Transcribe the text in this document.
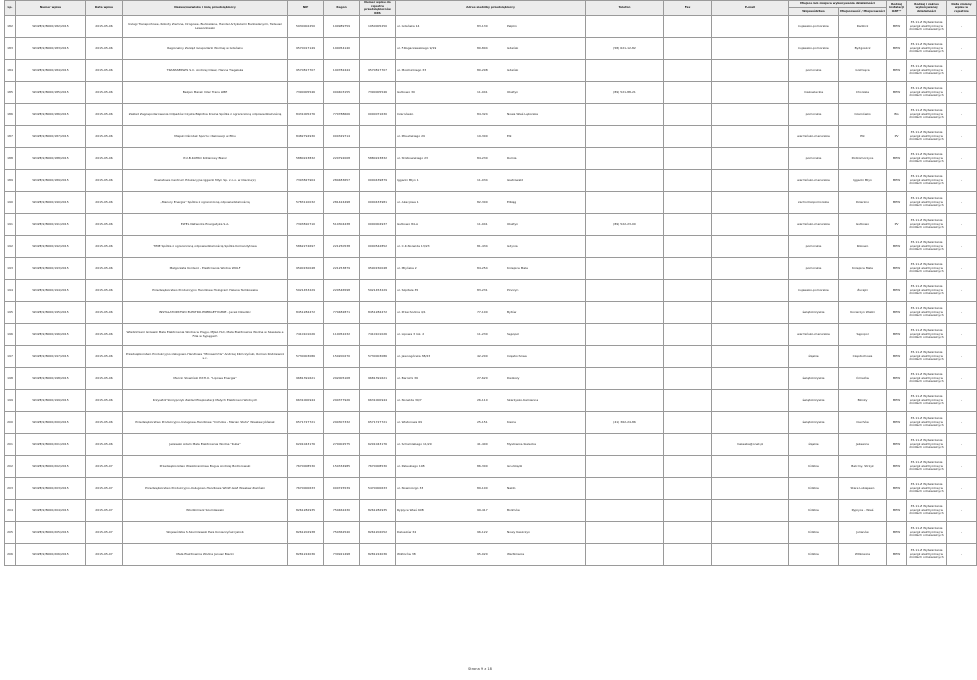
Lp.	Numer wpisu	Data wpisu	Nazwa/nazwisko i imię przedsiębiorcy	NIP	Regon	Numer wpisu do rejestru przedsiębiorców KRS	Adres siedziby przedsiębiorcy	Telefon	Fax	E-mail	Miejsce lub miejsca wykonywania działalności		Rodzaj instalacji OZE**	Rodzaj i zakres wykonywanej działalności	Data zmiany wpisu w rejestrze
											Województwo	Miejscowość / Miejscowości			
182	WOZE/2/8000/182/2015	2015-05-06	Usługi Transportowe, Roboty Ziemne, Drogowe, Budowlane, Handel Artykułami Budowlanymi, Tadeusz Lewandowski	5930002250	190989759	1950005250	ul. Gdańska 14 83-130 Pelplin				kujawsko-pomorskie	Radzicz	MEW	35.11.Z Wytwarzanie energii elektrycznej w źródłach odnawialnych	-
183	WOZE/2/8000/183/2015	2015-05-06	Regionalny Zarząd Gospodarki Wodnej w Gdańsku	9570017149	190054140		ul. F.Rogaczewskiego 9/19 80-804 Gdańsk	(58) 621-12-82			kujawsko-pomorskie	Bydgoszcz	MEW	35.11.Z Wytwarzanie energii elektrycznej w źródłach odnawialnych	-
184	WOZE/2/8000/184/2015	2015-05-06	TRANSSERWIS S.C. Andrzej Olesz, Hanna Tiegelska	9570817707	190782444	9570817707	ul. Mostnickiego 33 80-298 Gdańsk				pomorskie	Grzmiąca	MEW	35.11.Z Wytwarzanie energii elektrycznej w źródłach odnawialnych	-
185	WOZE/2/8000/185/2015	2015-05-06	Bezjan Marek Inter Trans LIBE	7390005546	000403155	7390005546	Gutkowo 30 11-041 Olsztyn	(89) 521-88-21			mazowieckie	Chorzele	MEW	35.11.Z Wytwarzanie energii elektrycznej w źródłach odnawialnych	-
186	WOZE/2/8000/186/2015	2015-05-06	Zakład Zagospodarowania Odpadów Czysta Błękitna Kraina Spółka z ograniczoną odpowiedzialnością	8431005276	770788606	0000071630	Czarnówko 84-324 Nowa Wieś Lęborska				pomorskie	Czarnówko	BG	35.11.Z Wytwarzanie energii elektrycznej w źródłach odnawialnych	-
187	WOZE/2/8000/187/2015	2015-05-06	Miejski Ośrodek Sportu i Rekreacji w Ełku	8482794930	000329714		ul. Piłsudskiego 29 19-300 Ełk				warmińsko-mazurskie	Ełk	PV	35.11.Z Wytwarzanie energii elektrycznej w źródłach odnawialnych	-
188	WOZE/2/8000/188/2015	2015-05-06	P.U.B.KATRO Kotlarowy Blanz	5880223832	220792008	5880223832	ul. Strzkowskiego 23 84-230 Rumia				pomorskie	Podkomorzyce	MEW	35.11.Z Wytwarzanie energii elektrycznej w źródłach odnawialnych	-
189	WOZE/2/8000/189/2015	2015-05-06	Powiatowe Centrum Edukacyjne Iggacki Młyn Sp. z o.o. w Olecku(x)	7393827904	280483657	0000439879	Iggacki Młyn 1 11-034 Gietrzwałd				warmińsko-mazurskie	Iggacki Młyn	MEW	35.11.Z Wytwarzanie energii elektrycznej w źródłach odnawialnych	-
190	WOZE/2/8000/190/2015	2015-05-06	„Mazury Energia” Spółka z ograniczoną odpowiedzialnością	5783110032	281424498	0000433981	ul. Akacjowa 1 82-300 Elbląg				zachodniopomorskie	Dzierzno	MEW	35.11.Z Wytwarzanie energii elektrycznej w źródłach odnawialnych	-
191	WOZE/2/8000/191/2015	2015-05-06	ELTEL Networks Energetyka S.A.	7393810710	510304438	0000004937	Gutkowo 84-A 11-041 Olsztyn	(89) 522-23-00			warmińsko-mazurskie	Gutkowo	PV	35.11.Z Wytwarzanie energii elektrycznej w źródłach odnawialnych	-
192	WOZE/2/8000/192/2015	2015-05-06	TIME Spółka z ograniczoną odpowiedzialnością Spółka Komandytowa	5862274697	221250538	0000542852	ul. C.K.Norwida 13/23 81-434 Gdynia				pomorskie	Rokowo	MEW	35.11.Z Wytwarzanie energii elektrycznej w źródłach odnawialnych	-
193	WOZE/2/8000/193/2015	2015-05-06	Małgorzata Kordecz - Elektrownia Wodna WOLF	9590150048	221253879	9590150048	ul. Młyńska 2 84-254 Krzepice Małe				pomorskie	Krzepice Małe	MEW	35.11.Z Wytwarzanie energii elektrycznej w źródłach odnawialnych	-
194	WOZE/2/8000/194/2015	2015-05-06	Przedsiębiorstwo Produkcyjno Handlowe Hologram Helena Terlikowska	5921453229	220546598	5921453229	ul. Szpitale 35 83-231 Pinczyn				kujawsko-pomorskie	Żurajki	MEW	35.11.Z Wytwarzanie energii elektrycznej w źródłach odnawialnych	-
195	WOZE/2/8000/195/2015	2015-05-06	INSTALATORSTWO ELEKTRO-ENERGETYCZNE - Jacek Dziedzic	8451284472	770482871	8451284472	ul. Przechodnia 4/1 77-100 Bytów				świętokrzyskie	Kocierzyn Wielki	MEW	35.11.Z Wytwarzanie energii elektrycznej w źródłach odnawialnych	-
196	WOZE/2/8000/196/2015	2015-05-06	Władzimierz Grzewik Mała Elektrownia Wodna w Pręgu, MJGA Hut, Mała Elektrownia Wodna w Szeszele e Filia w Sypęgach	7410101026	110052232	7410101026	ul. Lipowa 3 lok. 2 11-230 Sępopol				warmińsko-mazurskie	Sępopol	MEW	35.11.Z Wytwarzanie energii elektrycznej w źródłach odnawialnych	-
197	WOZE/2/8000/197/2015	2015-05-06	Przedsiębiorstwo Produkcyjno-Usługowo-Handlowe "Mirosemrtis" Andrzej Klimczyński, Roman Rodziewicz s.c.	5730003086	150200270	5730003086	ul. Jawnogórska 38/23 42-200 Częstochowa				śląskie	Częstochowa	MEW	35.11.Z Wytwarzanie energii elektrycznej w źródłach odnawialnych	-
198	WOZE/2/8000/198/2015	2015-05-06	Marcin Słowiński P.P.H.U. "Lipowa Energia"	9681391621	292005108	9681391621	ul. Barnimi 36 27-620 Dwikozy				świętokrzyskie	Ćmielów	MEW	35.11.Z Wytwarzanie energii elektrycznej w źródłach odnawialnych	-
199	WOZE/2/8000/199/2015	2015-05-06	Krzysztof Skrzypczyk Zakład Eksploatacji Małych Elektrowni Wodnych	6631000944	290377926	6631000944	ul. Norwida 30/7 26-110 Skarżysko-Kamienna				świętokrzyskie	Bzinky	MEW	35.11.Z Wytwarzanie energii elektrycznej w źródłach odnawialnych	-
200	WOZE/2/8000/200/2015	2015-05-06	Przedsiębiorstwo Produkcyjno-Usługowe-Handlowe "Cichoba - Marian Stuts" Wiesław Jóźwiak	6571727721	290307332	6571727721	ul. Wistorowa 69 25-151 Kielce	(41) 362-24-86			świętokrzyskie	Ciechów	MEW	35.11.Z Wytwarzanie energii elektrycznej w źródłach odnawialnych	-
201	WOZE/2/8000/201/2015	2015-05-06	Jeżewski Adam Mała Elektrownia Wodna "Kuba"	6291043176	270002575	6291043176	ul. Schamlebego 11/29 41-400 Mysłowice-Sielecka			meleaba@onet.pl	śląskie	Jeżewice	MEW	35.11.Z Wytwarzanie energii elektrycznej w źródłach odnawialnych	-
202	WOZE/2/8000/202/2015	2015-05-07	Przedsiębiorstwo Wielobranżowe Bogus Andrzej Bodlorowski	7670008530	150334985	7670008530	ul. Pałaukiego 108 86-300 Grudziądz				łódzkie	Bełcmy, Strzyk	MEW	35.11.Z Wytwarzanie energii elektrycznej w źródłach odnawialnych	-
203	WOZE/2/8000/203/2015	2015-05-07	Przedsiębiorstwo Produkcyjno-Usługowo-Handlowe WOLT-GAZ Wiesław Zieliński	7670000633	000725539	5470000633	ul. Nowiniorgo 33 89-100 Nakło				łódzkie	Stare Lubiejewo	MEW	35.11.Z Wytwarzanie energii elektrycznej w źródłach odnawialnych	-
204	WOZE/2/8000/204/2015	2015-05-07	Włodzimierz Szumilewski	8261282935	750462430	8261282935	Rypiyce Wieś 40B 99-417 Bolimów				łódzkie	Rypiyce - Wieś	MEW	35.11.Z Wytwarzanie energii elektrycznej w źródłach odnawialnych	-
205	WOZE/2/8000/205/2015	2015-05-07	Wojewódzka S.Szumilewski Ewa Konieczyński Jakob	8261202938	750362540	8261202052	Dałuszów 34 96-122 Nowy Kaszczyn				łódzkie	Julianów	MEW	35.11.Z Wytwarzanie energii elektrycznej w źródłach odnawialnych	-
206	WOZE/2/8000/206/2015	2015-05-07	Mała Elektrownia Wodna Janusz Biecki	8281224036	730921498	8281224036	Wiktorów 38 95-020 Wartkowice				łódzkie	Witkowice	MEW	35.11.Z Wytwarzanie energii elektrycznej w źródłach odnawialnych	-
Strona 9 z 18
